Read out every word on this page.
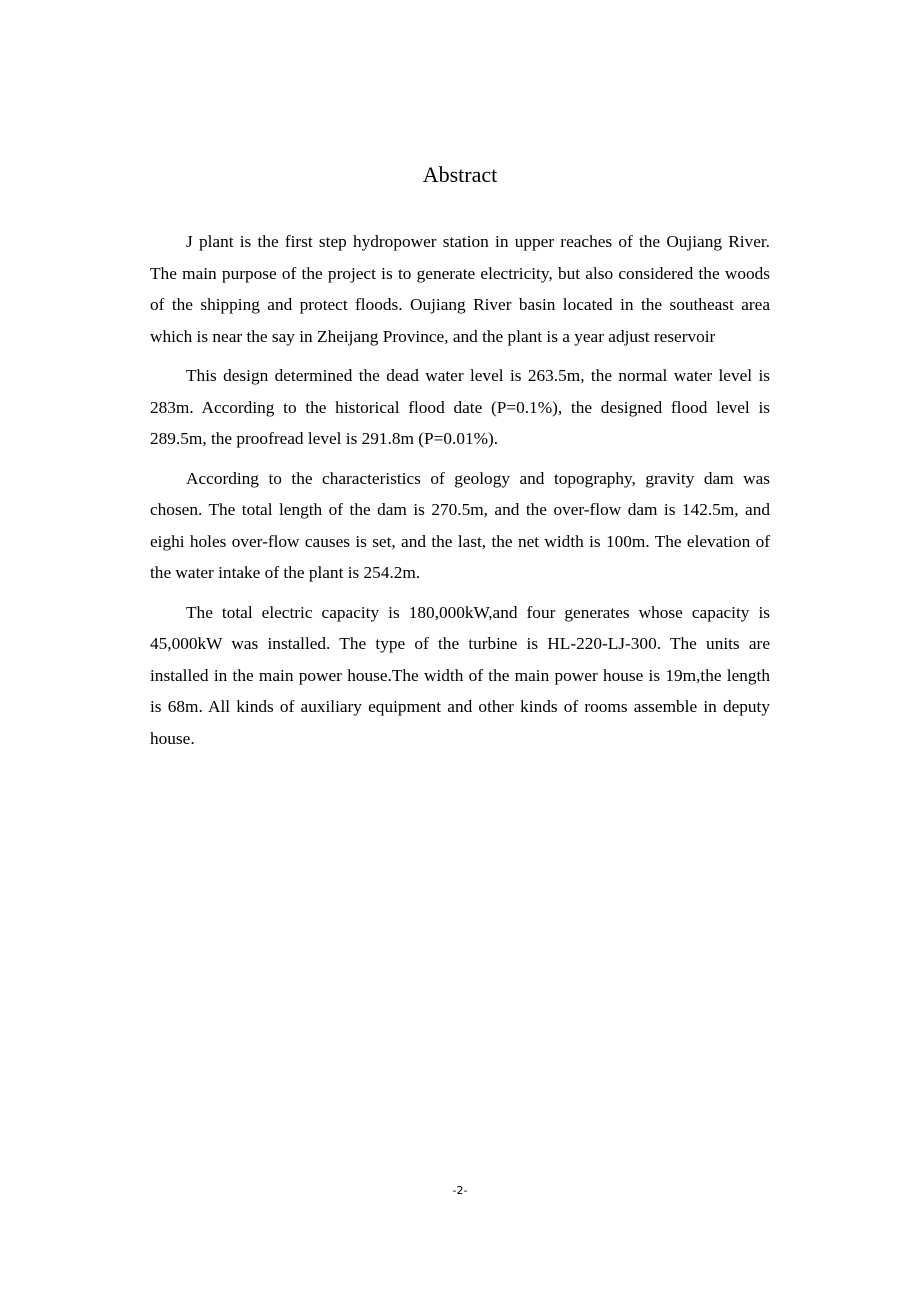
Abstract

J plant is the first step hydropower station in upper reaches of the Oujiang River. The main purpose of the project is to generate electricity, but also considered the woods of the shipping and protect floods. Oujiang River basin located in the southeast area which is near the say in Zheijang Province, and the plant is a year adjust reservoir

This design determined the dead water level is 263.5m, the normal water level is 283m. According to the historical flood date (P=0.1%), the designed flood level is 289.5m, the proofread level is 291.8m (P=0.01%).

According to the characteristics of geology and topography, gravity dam was chosen. The total length of the dam is 270.5m, and the over-flow dam is 142.5m, and eighi holes over-flow causes is set, and the last, the net width is 100m. The elevation of the water intake of the plant is 254.2m.

The total electric capacity is 180,000kW,and four generates whose capacity is 45,000kW was installed. The type of the turbine is HL-220-LJ-300. The units are installed in the main power house.The width of the main power house is 19m,the length is 68m. All kinds of auxiliary equipment and other kinds of rooms assemble in deputy house.

-2-
